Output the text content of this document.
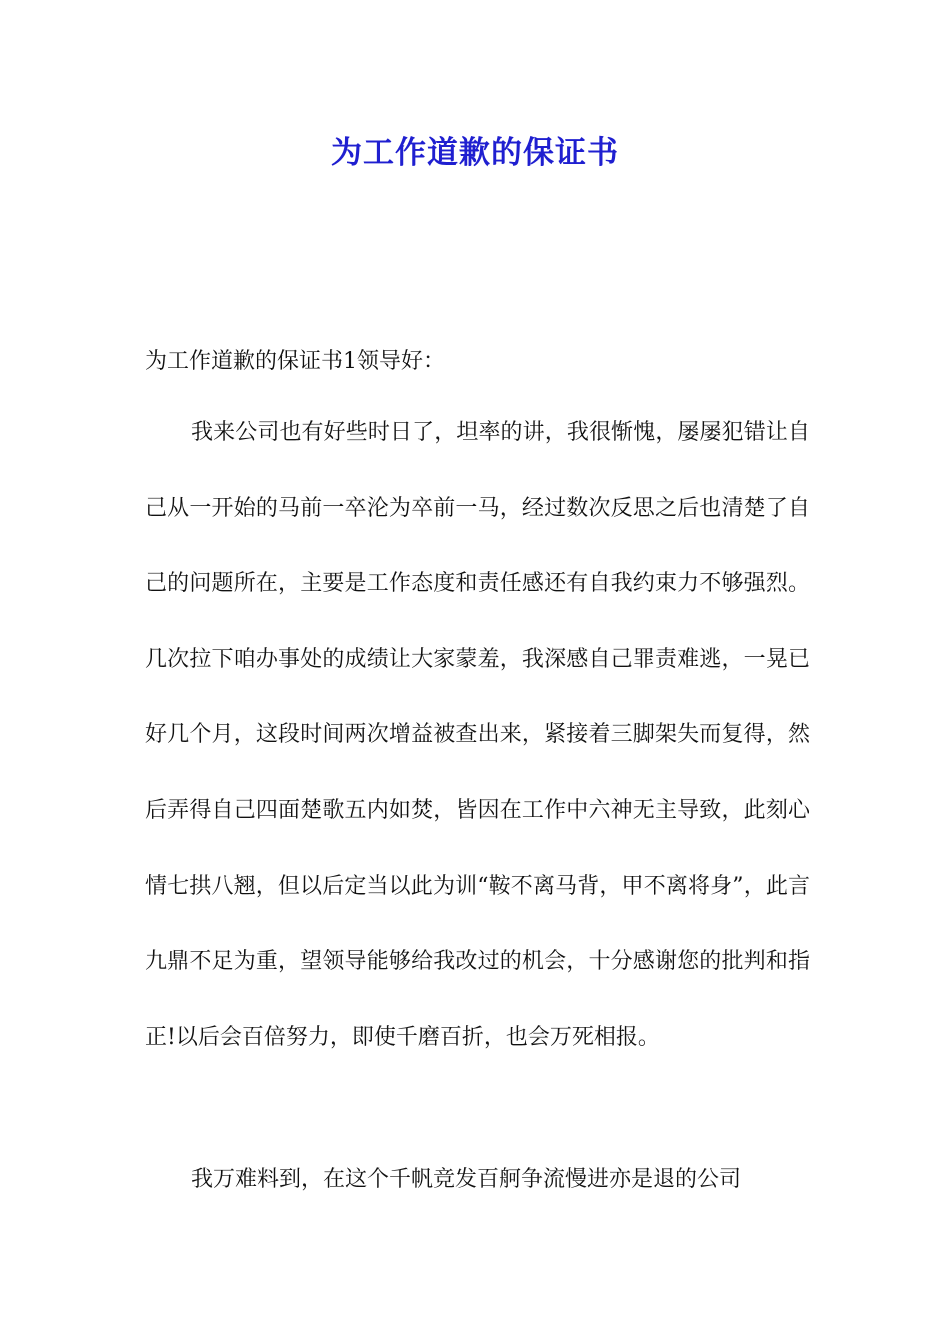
为工作道歉的保证书
为工作道歉的保证书1领导好：
我来公司也有好些时日了，坦率的讲，我很惭愧，屡屡犯错让自己从一开始的马前一卒沦为卒前一马，经过数次反思之后也清楚了自己的问题所在，主要是工作态度和责任感还有自我约束力不够强烈。几次拉下咱办事处的成绩让大家蒙羞，我深感自己罪责难逃，一晃已好几个月，这段时间两次增益被查出来，紧接着三脚架失而复得，然后弄得自己四面楚歌五内如焚，皆因在工作中六神无主导致，此刻心情七拱八翘，但以后定当以此为训“鞍不离马背，甲不离将身”，此言九鼎不足为重，望领导能够给我改过的机会，十分感谢您的批判和指正!以后会百倍努力，即使千磨百折，也会万死相报。
我万难料到，在这个千帆竞发百舸争流慢进亦是退的公司
